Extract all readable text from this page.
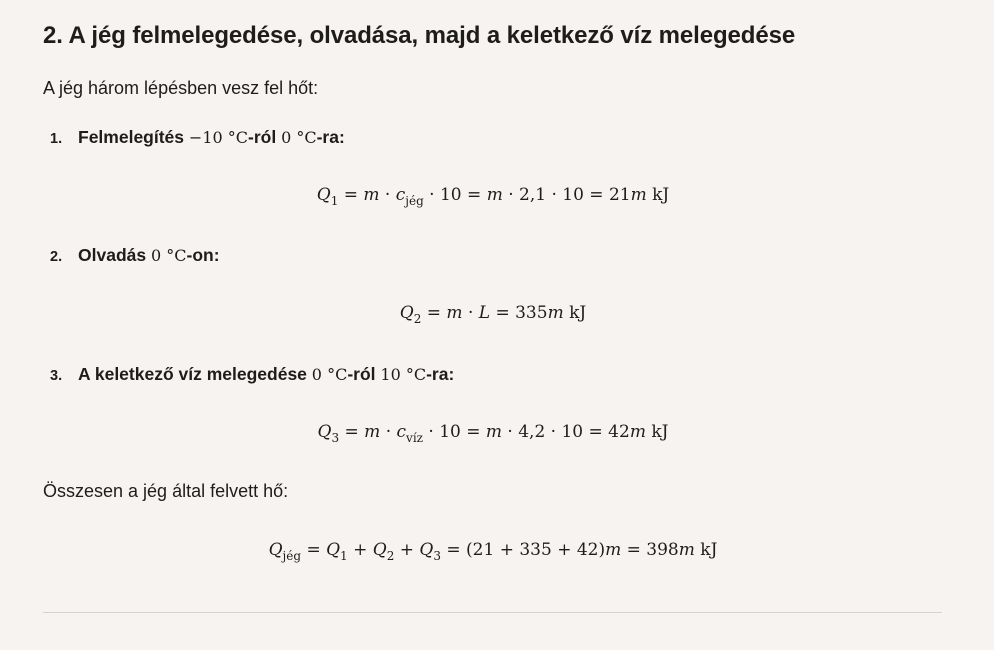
2. A jég felmelegedése, olvadása, majd a keletkező víz melegedése
A jég három lépésben vesz fel hőt:
1. Felmelegítés −10 °C-ról 0 °C-ra:
$Q_1 = m \cdot c_{jég} \cdot 10 = m \cdot 2,1 \cdot 10 = 21m$ kJ
2. Olvadás 0 °C-on:
$Q_2 = m \cdot L = 335m$ kJ
3. A keletkező víz melegedése 0 °C-ról 10 °C-ra:
$Q_3 = m \cdot c_{víz} \cdot 10 = m \cdot 4,2 \cdot 10 = 42m$ kJ
Összesen a jég által felvett hő:
$Q_{jég} = Q_1 + Q_2 + Q_3 = (21 + 335 + 42)m = 398m$ kJ
